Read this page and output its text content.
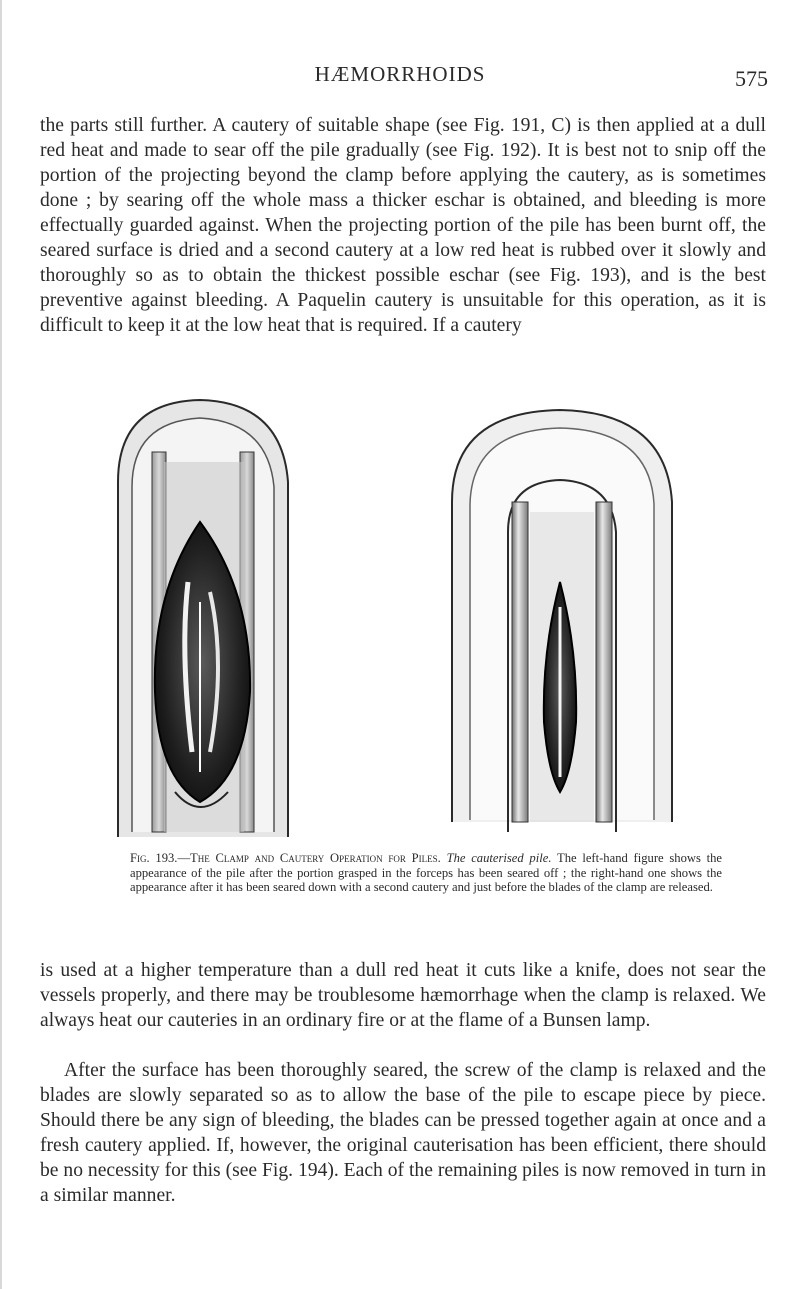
HÆMORRHOIDS	575

the parts still further. A cautery of suitable shape (see Fig. 191, C) is then applied at a dull red heat and made to sear off the pile gradually (see Fig. 192). It is best not to snip off the portion of the projecting beyond the clamp before applying the cautery, as is sometimes done ; by searing off the whole mass a thicker eschar is obtained, and bleeding is more effectually guarded against. When the projecting portion of the pile has been burnt off, the seared surface is dried and a second cautery at a low red heat is rubbed over it slowly and thoroughly so as to obtain the thickest possible eschar (see Fig. 193), and is the best preventive against bleeding. A Paquelin cautery is unsuitable for this operation, as it is difficult to keep it at the low heat that is required. If a cautery

Fig. 193.—The Clamp and Cautery Operation for Piles. The cauterised pile. The left-hand figure shows the appearance of the pile after the portion grasped in the forceps has been seared off ; the right-hand one shows the appearance after it has been seared down with a second cautery and just before the blades of the clamp are released.

is used at a higher temperature than a dull red heat it cuts like a knife, does not sear the vessels properly, and there may be troublesome hæmorrhage when the clamp is relaxed. We always heat our cauteries in an ordinary fire or at the flame of a Bunsen lamp.

After the surface has been thoroughly seared, the screw of the clamp is relaxed and the blades are slowly separated so as to allow the base of the pile to escape piece by piece. Should there be any sign of bleeding, the blades can be pressed together again at once and a fresh cautery applied. If, however, the original cauterisation has been efficient, there should be no necessity for this (see Fig. 194). Each of the remaining piles is now removed in turn in a similar manner.
